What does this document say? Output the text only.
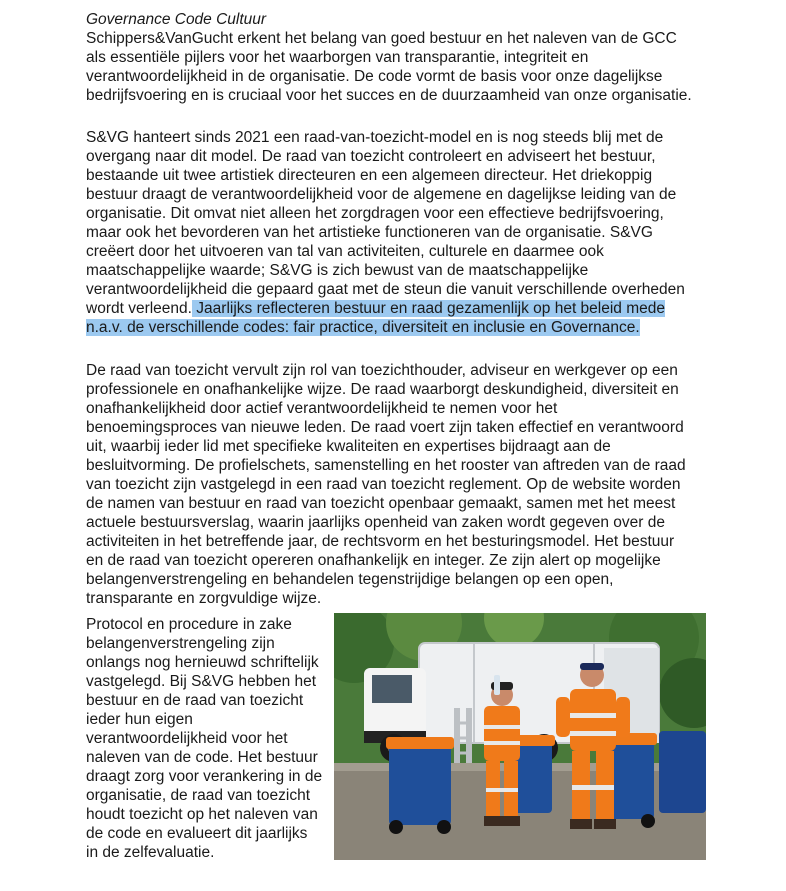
Governance Code Cultuur

Schippers&VanGucht erkent het belang van goed bestuur en het naleven van de GCC
als essentiële pijlers voor het waarborgen van transparantie, integriteit en
verantwoordelijkheid in de organisatie. De code vormt de basis voor onze dagelijkse
bedrijfsvoering en is cruciaal voor het succes en de duurzaamheid van onze organisatie.

S&VG hanteert sinds 2021 een raad-van-toezicht-model en is nog steeds blij met de
overgang naar dit model. De raad van toezicht controleert en adviseert het bestuur,
bestaande uit twee artistiek directeuren en een algemeen directeur. Het driekoppig
bestuur draagt de verantwoordelijkheid voor de algemene en dagelijkse leiding van de
organisatie. Dit omvat niet alleen het zorgdragen voor een effectieve bedrijfsvoering,
maar ook het bevorderen van het artistieke functioneren van de organisatie. S&VG
creëert door het uitvoeren van tal van activiteiten, culturele en daarmee ook
maatschappelijke waarde; S&VG is zich bewust van de maatschappelijke
verantwoordelijkheid die gepaard gaat met de steun die vanuit verschillende overheden
wordt verleend. Jaarlijks reflecteren bestuur en raad gezamenlijk op het beleid mede
n.a.v. de verschillende codes: fair practice, diversiteit en inclusie en Governance.

De raad van toezicht vervult zijn rol van toezichthouder, adviseur en werkgever op een
professionele en onafhankelijke wijze. De raad waarborgt deskundigheid, diversiteit en
onafhankelijkheid door actief verantwoordelijkheid te nemen voor het
benoemingsproces van nieuwe leden. De raad voert zijn taken effectief en verantwoord
uit, waarbij ieder lid met specifieke kwaliteiten en expertises bijdraagt aan de
besluitvorming. De profielschets, samenstelling en het rooster van aftreden van de raad
van toezicht zijn vastgelegd in een raad van toezicht reglement. Op de website worden
de namen van bestuur en raad van toezicht openbaar gemaakt, samen met het meest
actuele bestuursverslag, waarin jaarlijks openheid van zaken wordt gegeven over de
activiteiten in het betreffende jaar, de rechtsvorm en het besturingsmodel. Het bestuur
en de raad van toezicht opereren onafhankelijk en integer. Ze zijn alert op mogelijke
belangenverstrengeling en behandelen tegenstrijdige belangen op een open,
transparante en zorgvuldige wijze.

Protocol en procedure in zake
belangenverstrengeling zijn
onlangs nog hernieuwd schriftelijk
vastgelegd. Bij S&VG hebben het
bestuur en de raad van toezicht
ieder hun eigen
verantwoordelijkheid voor het
naleven van de code. Het bestuur
draagt zorg voor verankering in de
organisatie, de raad van toezicht
houdt toezicht op het naleven van
de code en evalueert dit jaarlijks
in de zelfevaluatie.
